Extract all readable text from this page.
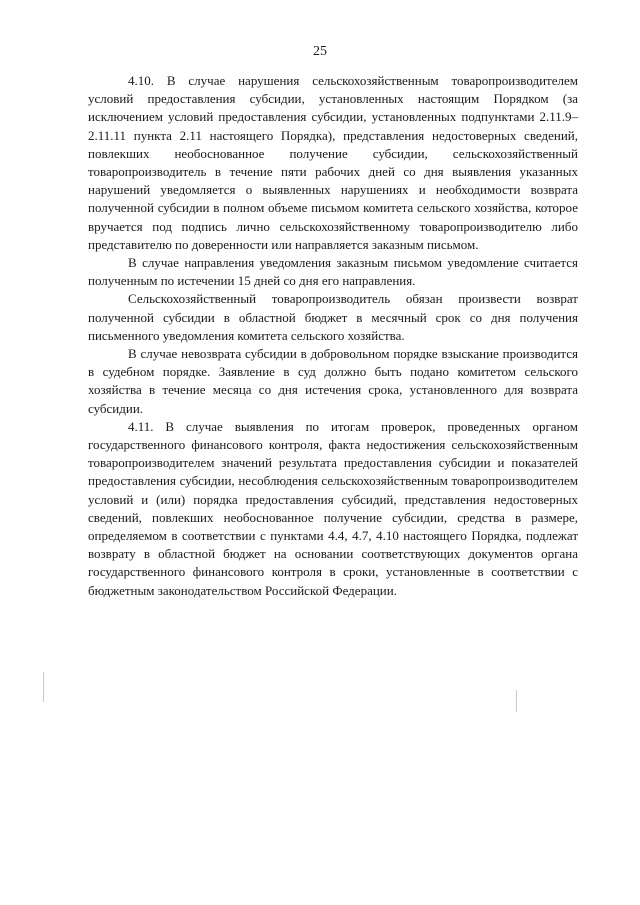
25

4.10. В случае нарушения сельскохозяйственным товаропроизводителем условий предоставления субсидии, установленных настоящим Порядком (за исключением условий предоставления субсидии, установленных подпунктами 2.11.9–2.11.11 пункта 2.11 настоящего Порядка), представления недостоверных сведений, повлекших необоснованное получение субсидии, сельскохозяйственный товаропроизводитель в течение пяти рабочих дней со дня выявления указанных нарушений уведомляется о выявленных нарушениях и необходимости возврата полученной субсидии в полном объеме письмом комитета сельского хозяйства, которое вручается под подпись лично сельскохозяйственному товаропроизводителю либо представителю по доверенности или направляется заказным письмом.

В случае направления уведомления заказным письмом уведомление считается полученным по истечении 15 дней со дня его направления.

Сельскохозяйственный товаропроизводитель обязан произвести возврат полученной субсидии в областной бюджет в месячный срок со дня получения письменного уведомления комитета сельского хозяйства.

В случае невозврата субсидии в добровольном порядке взыскание производится в судебном порядке. Заявление в суд должно быть подано комитетом сельского хозяйства в течение месяца со дня истечения срока, установленного для возврата субсидии.

4.11. В случае выявления по итогам проверок, проведенных органом государственного финансового контроля, факта недостижения сельскохозяйственным товаропроизводителем значений результата предоставления субсидии и показателей предоставления субсидии, несоблюдения сельскохозяйственным товаропроизводителем условий и (или) порядка предоставления субсидий, представления недостоверных сведений, повлекших необоснованное получение субсидии, средства в размере, определяемом в соответствии с пунктами 4.4, 4.7, 4.10 настоящего Порядка, подлежат возврату в областной бюджет на основании соответствующих документов органа государственного финансового контроля в сроки, установленные в соответствии с бюджетным законодательством Российской Федерации.
